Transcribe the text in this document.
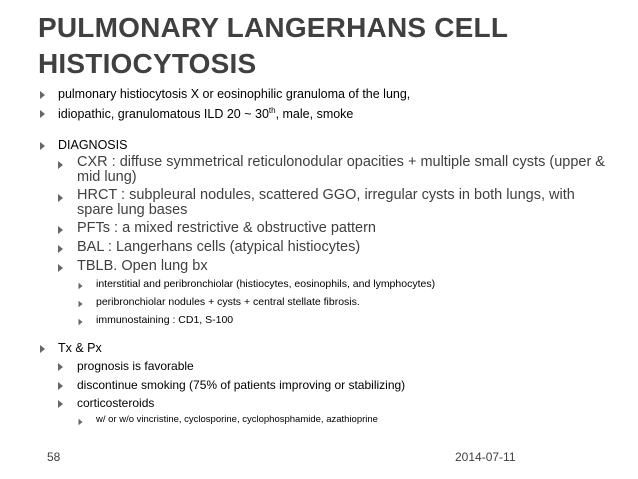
PULMONARY LANGERHANS CELL
HISTIOCYTOSIS
pulmonary histiocytosis X or eosinophilic granuloma of the lung,
idiopathic, granulomatous ILD 20 ~ 30th, male, smoke
DIAGNOSIS
CXR : diffuse symmetrical reticulonodular opacities + multiple small cysts (upper & mid lung)
HRCT : subpleural nodules, scattered GGO, irregular cysts in both lungs, with spare lung bases
PFTs : a mixed restrictive & obstructive pattern
BAL : Langerhans cells (atypical histiocytes)
TBLB. Open lung bx
interstitial and peribronchiolar (histiocytes, eosinophils, and lymphocytes)
peribronchiolar nodules + cysts + central stellate fibrosis.
immunostaining : CD1, S-100
Tx & Px
prognosis is favorable
discontinue smoking (75% of patients improving or stabilizing)
corticosteroids
w/ or w/o vincristine, cyclosporine, cyclophosphamide, azathioprine
58	2014-07-11
